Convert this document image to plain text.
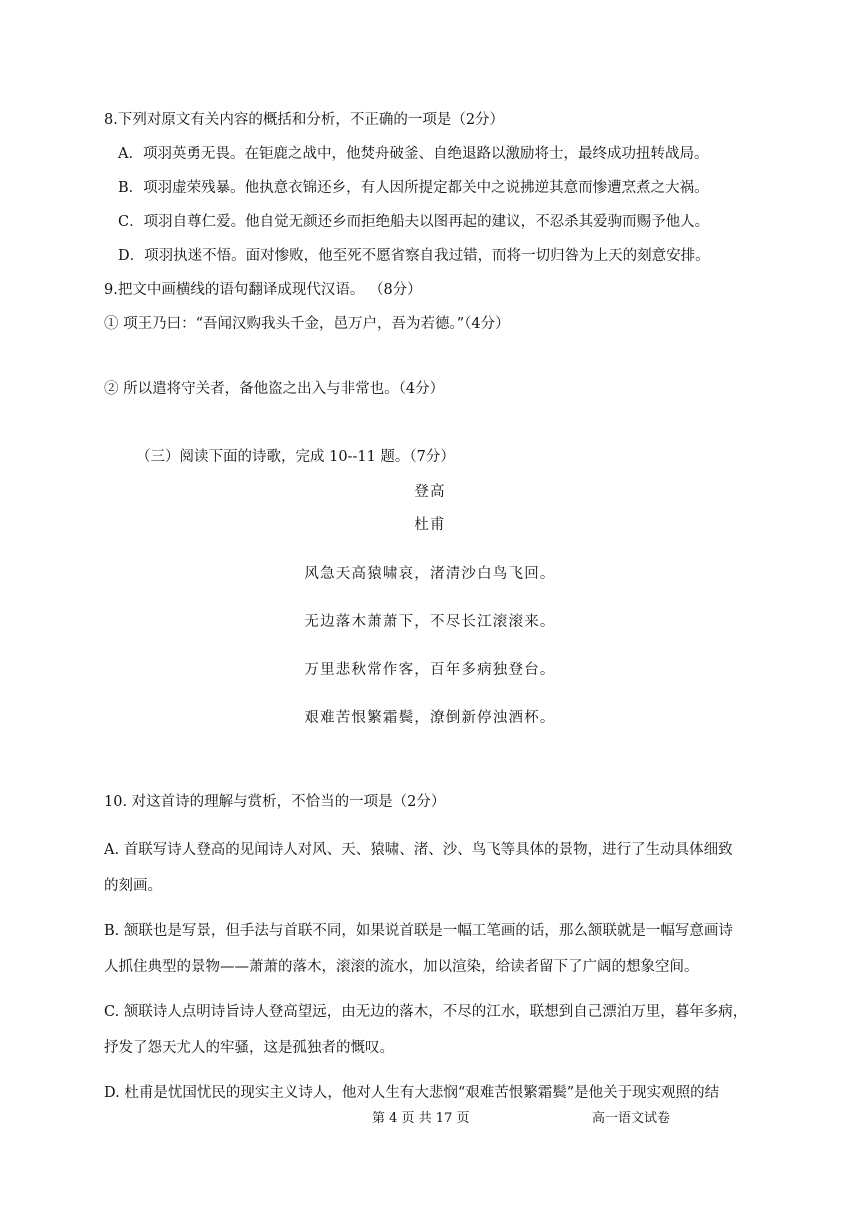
8.下列对原文有关内容的概括和分析，不正确的一项是（2分）
A．项羽英勇无畏。在钜鹿之战中，他焚舟破釜、自绝退路以激励将士，最终成功扭转战局。
B．项羽虚荣残暴。他执意衣锦还乡，有人因所提定都关中之说拂逆其意而惨遭烹煮之大祸。
C．项羽自尊仁爱。他自觉无颜还乡而拒绝船夫以图再起的建议，不忍杀其爱驹而赐予他人。
D．项羽执迷不悟。面对惨败，他至死不愿省察自我过错，而将一切归咎为上天的刻意安排。
9.把文中画横线的语句翻译成现代汉语。 （8分）
① 项王乃曰：“吾闻汉购我头千金，邑万户，吾为若德。”（4分）
② 所以遣将守关者，备他盗之出入与非常也。（4分）
（三）阅读下面的诗歌，完成 10--11 题。（7分）
登高
杜甫
风急天高猿啸哀，渚清沙白鸟飞回。
无边落木萧萧下，不尽长江滚滚来。
万里悲秋常作客，百年多病独登台。
艰难苦恨繁霜鬓，潦倒新停浊酒杯。
10. 对这首诗的理解与赏析，不恰当的一项是（2分）
A. 首联写诗人登高的见闻诗人对风、天、猿啸、渚、沙、鸟飞等具体的景物，进行了生动具体细致
的刻画。
B. 颔联也是写景，但手法与首联不同，如果说首联是一幅工笔画的话，那么颔联就是一幅写意画诗
人抓住典型的景物——萧萧的落木，滚滚的流水，加以渲染，给读者留下了广阔的想象空间。
C. 颔联诗人点明诗旨诗人登高望远，由无边的落木，不尽的江水，联想到自己漂泊万里，暮年多病，
抒发了怨天尤人的牢骚，这是孤独者的慨叹。
D. 杜甫是忧国忧民的现实主义诗人，他对人生有大悲悯“艰难苦恨繁霜鬓”是他关于现实观照的结
第 4 页 共 17 页	高一语文试卷
